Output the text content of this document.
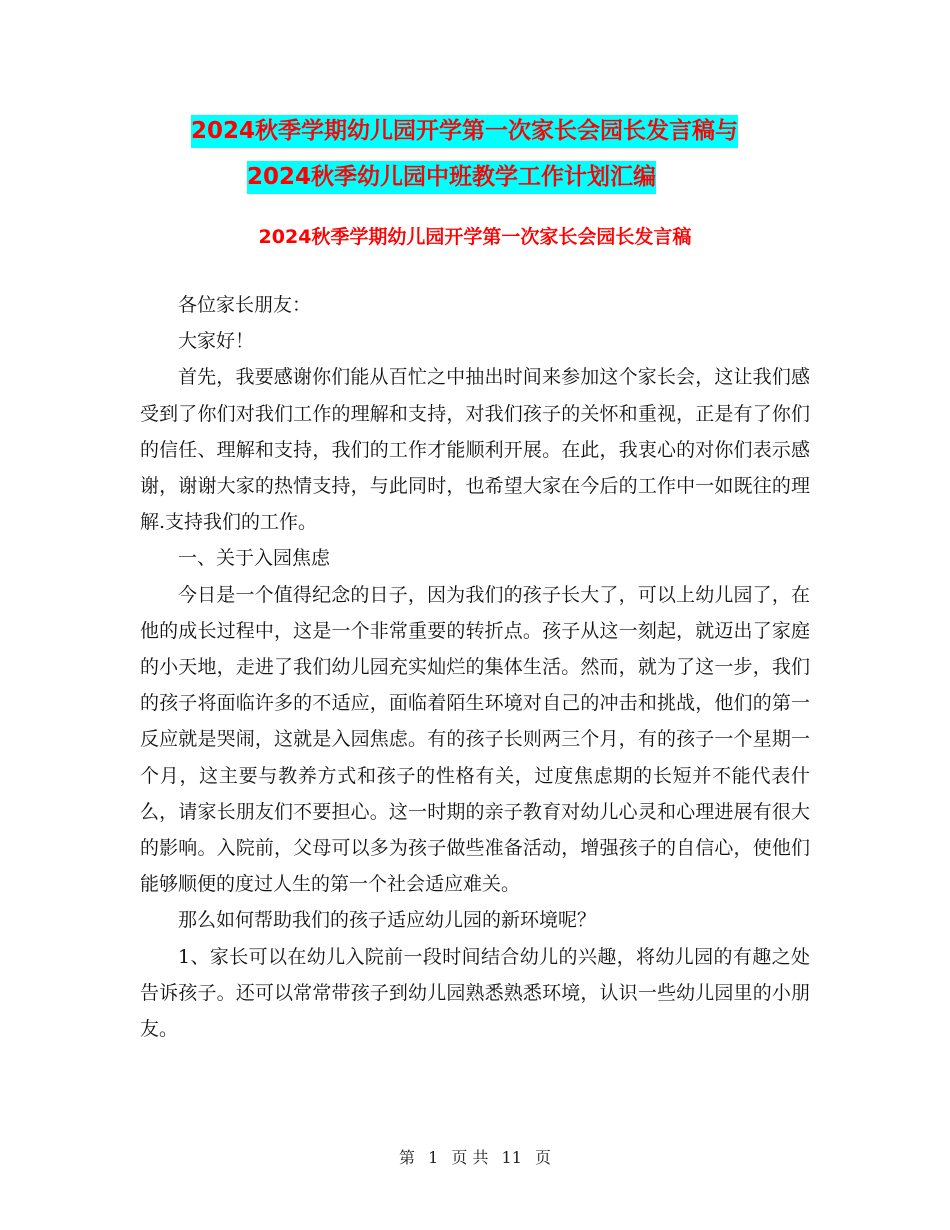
2024秋季学期幼儿园开学第一次家长会园长发言稿与
2024秋季幼儿园中班教学工作计划汇编
2024秋季学期幼儿园开学第一次家长会园长发言稿

各位家长朋友：

大家好！

首先，我要感谢你们能从百忙之中抽出时间来参加这个家长会，这让我们感受到了你们对我们工作的理解和支持，对我们孩子的关怀和重视，正是有了你们的信任、理解和支持，我们的工作才能顺利开展。在此，我衷心的对你们表示感谢，谢谢大家的热情支持，与此同时，也希望大家在今后的工作中一如既往的理解.支持我们的工作。

一、关于入园焦虑

今日是一个值得纪念的日子，因为我们的孩子长大了，可以上幼儿园了，在他的成长过程中，这是一个非常重要的转折点。孩子从这一刻起，就迈出了家庭的小天地，走进了我们幼儿园充实灿烂的集体生活。然而，就为了这一步，我们的孩子将面临许多的不适应，面临着陌生环境对自己的冲击和挑战，他们的第一反应就是哭闹，这就是入园焦虑。有的孩子长则两三个月，有的孩子一个星期一个月，这主要与教养方式和孩子的性格有关，过度焦虑期的长短并不能代表什么，请家长朋友们不要担心。这一时期的亲子教育对幼儿心灵和心理进展有很大的影响。入院前，父母可以多为孩子做些准备活动，增强孩子的自信心，使他们能够顺便的度过人生的第一个社会适应难关。

那么如何帮助我们的孩子适应幼儿园的新环境呢？

1、家长可以在幼儿入院前一段时间结合幼儿的兴趣，将幼儿园的有趣之处告诉孩子。还可以常常带孩子到幼儿园熟悉熟悉环境，认识一些幼儿园里的小朋友。

第 1 页 共 11 页
